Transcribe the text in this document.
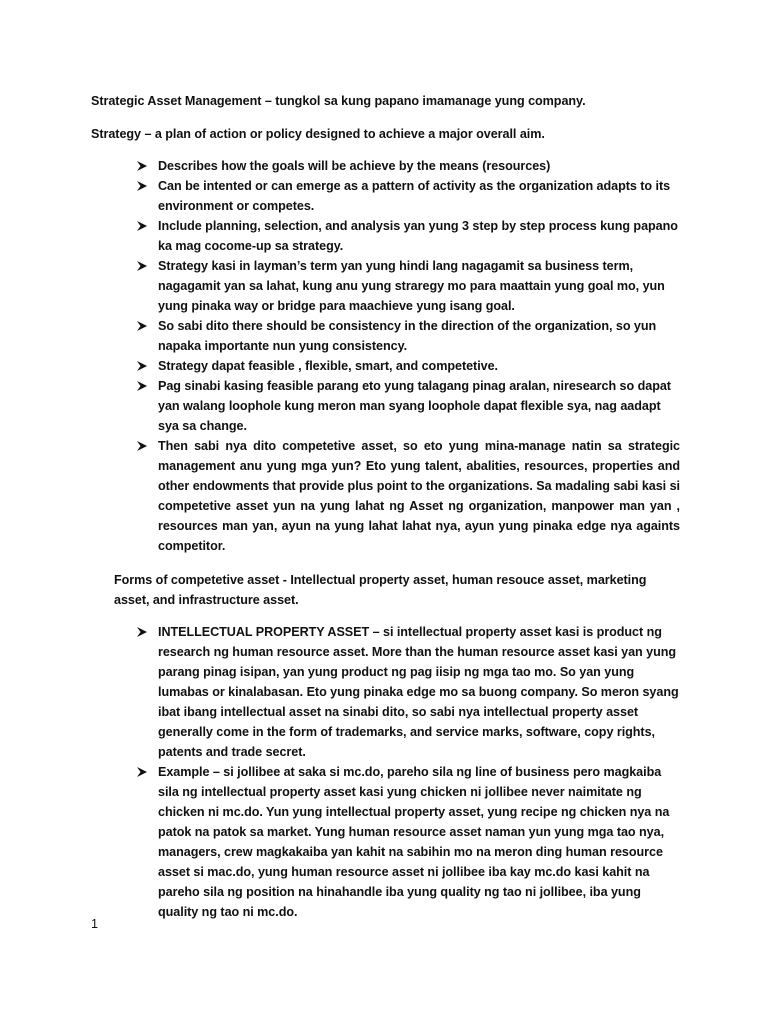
Strategic Asset Management – tungkol sa kung papano imamanage yung company.
Strategy – a plan of action or policy designed to achieve a major overall aim.
Describes how the goals will be achieve by the means (resources)
Can be intented or can emerge as a pattern of activity as the organization adapts to its environment or competes.
Include planning, selection, and analysis yan yung 3 step by step process kung papano ka mag cocome-up sa strategy.
Strategy kasi in layman’s term yan yung hindi lang nagagamit sa business term, nagagamit yan sa lahat, kung anu yung straregy mo para maattain yung goal mo, yun yung pinaka way or bridge para maachieve yung isang goal.
So sabi dito there should be consistency in the direction of the organization, so yun napaka importante nun yung consistency.
Strategy dapat feasible , flexible, smart, and competetive.
Pag sinabi kasing feasible parang eto yung talagang pinag aralan, niresearch so dapat yan walang loophole kung meron man syang loophole dapat flexible sya, nag aadapt sya sa change.
Then sabi nya dito competetive asset, so eto yung mina-manage natin sa strategic management anu yung mga yun? Eto yung talent, abalities, resources, properties and other endowments that provide plus point to the organizations. Sa madaling sabi kasi si competetive asset yun na yung lahat ng Asset ng organization, manpower man yan , resources man yan, ayun na yung lahat lahat nya, ayun yung pinaka edge nya againts competitor.
Forms of competetive asset - Intellectual property asset, human resouce asset, marketing asset, and infrastructure asset.
INTELLECTUAL PROPERTY ASSET – si intellectual property asset kasi is product ng research ng human resource asset. More than the human resource asset kasi yan yung parang pinag isipan, yan yung product ng pag iisip ng mga tao mo. So yan yung lumabas or kinalabasan. Eto yung pinaka edge mo sa buong company. So meron syang ibat ibang intellectual asset na sinabi dito, so sabi nya intellectual property asset generally come in the form of trademarks, and service marks, software, copy rights, patents and trade secret.
Example – si jollibee at saka si mc.do, pareho sila ng line of business pero magkaiba sila ng intellectual property asset kasi yung chicken ni jollibee never naimitate ng chicken ni mc.do. Yun yung intellectual property asset, yung recipe ng chicken nya na patok na patok sa market. Yung human resource asset naman yun yung mga tao nya, managers, crew magkakaiba yan kahit na sabihin mo na meron ding human resource asset si mac.do, yung human resource asset ni jollibee iba kay mc.do kasi kahit na pareho sila ng position na hinahandle iba yung quality ng tao ni jollibee, iba yung quality ng tao ni mc.do.
1
